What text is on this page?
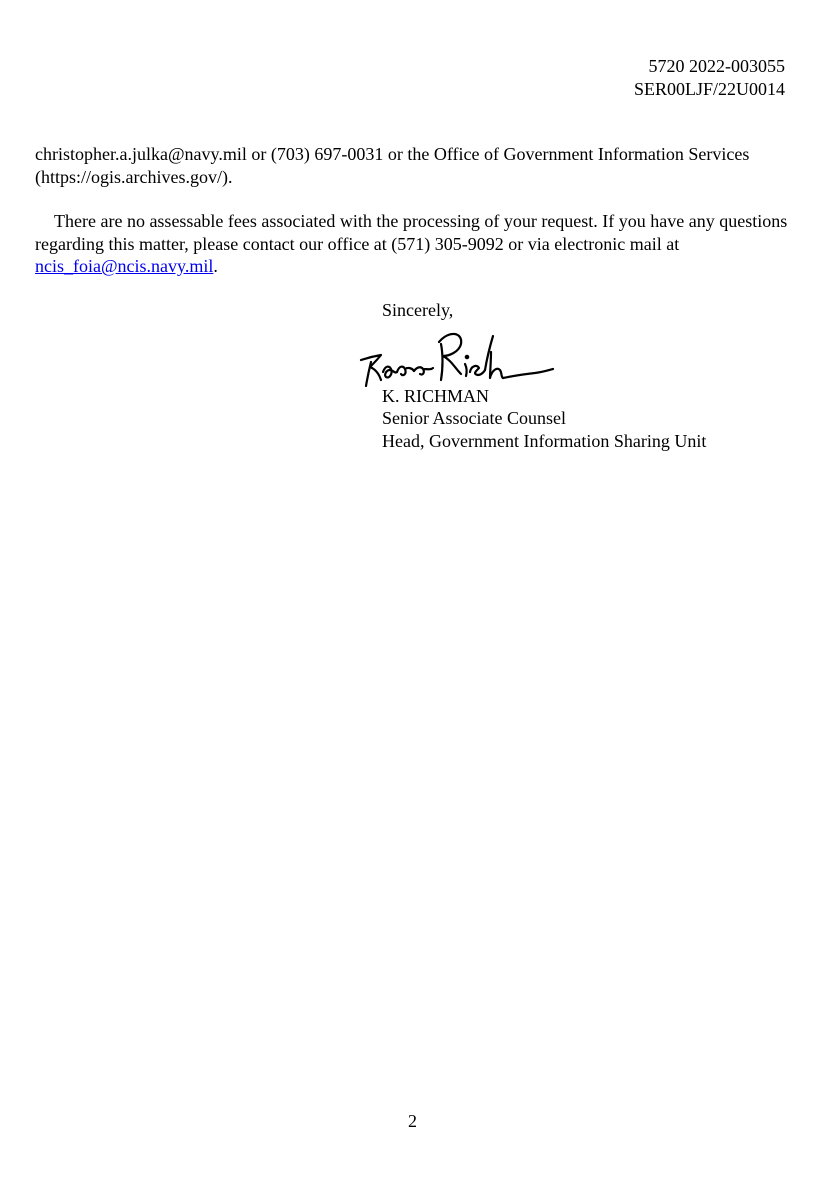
5720 2022-003055
SER00LJF/22U0014

christopher.a.julka@navy.mil or (703) 697-0031 or the Office of Government Information Services (https://ogis.archives.gov/).

There are no assessable fees associated with the processing of your request. If you have any questions regarding this matter, please contact our office at (571) 305-9092 or via electronic mail at ncis_foia@ncis.navy.mil.

Sincerely,
K. RICHMAN
Senior Associate Counsel
Head, Government Information Sharing Unit
2
